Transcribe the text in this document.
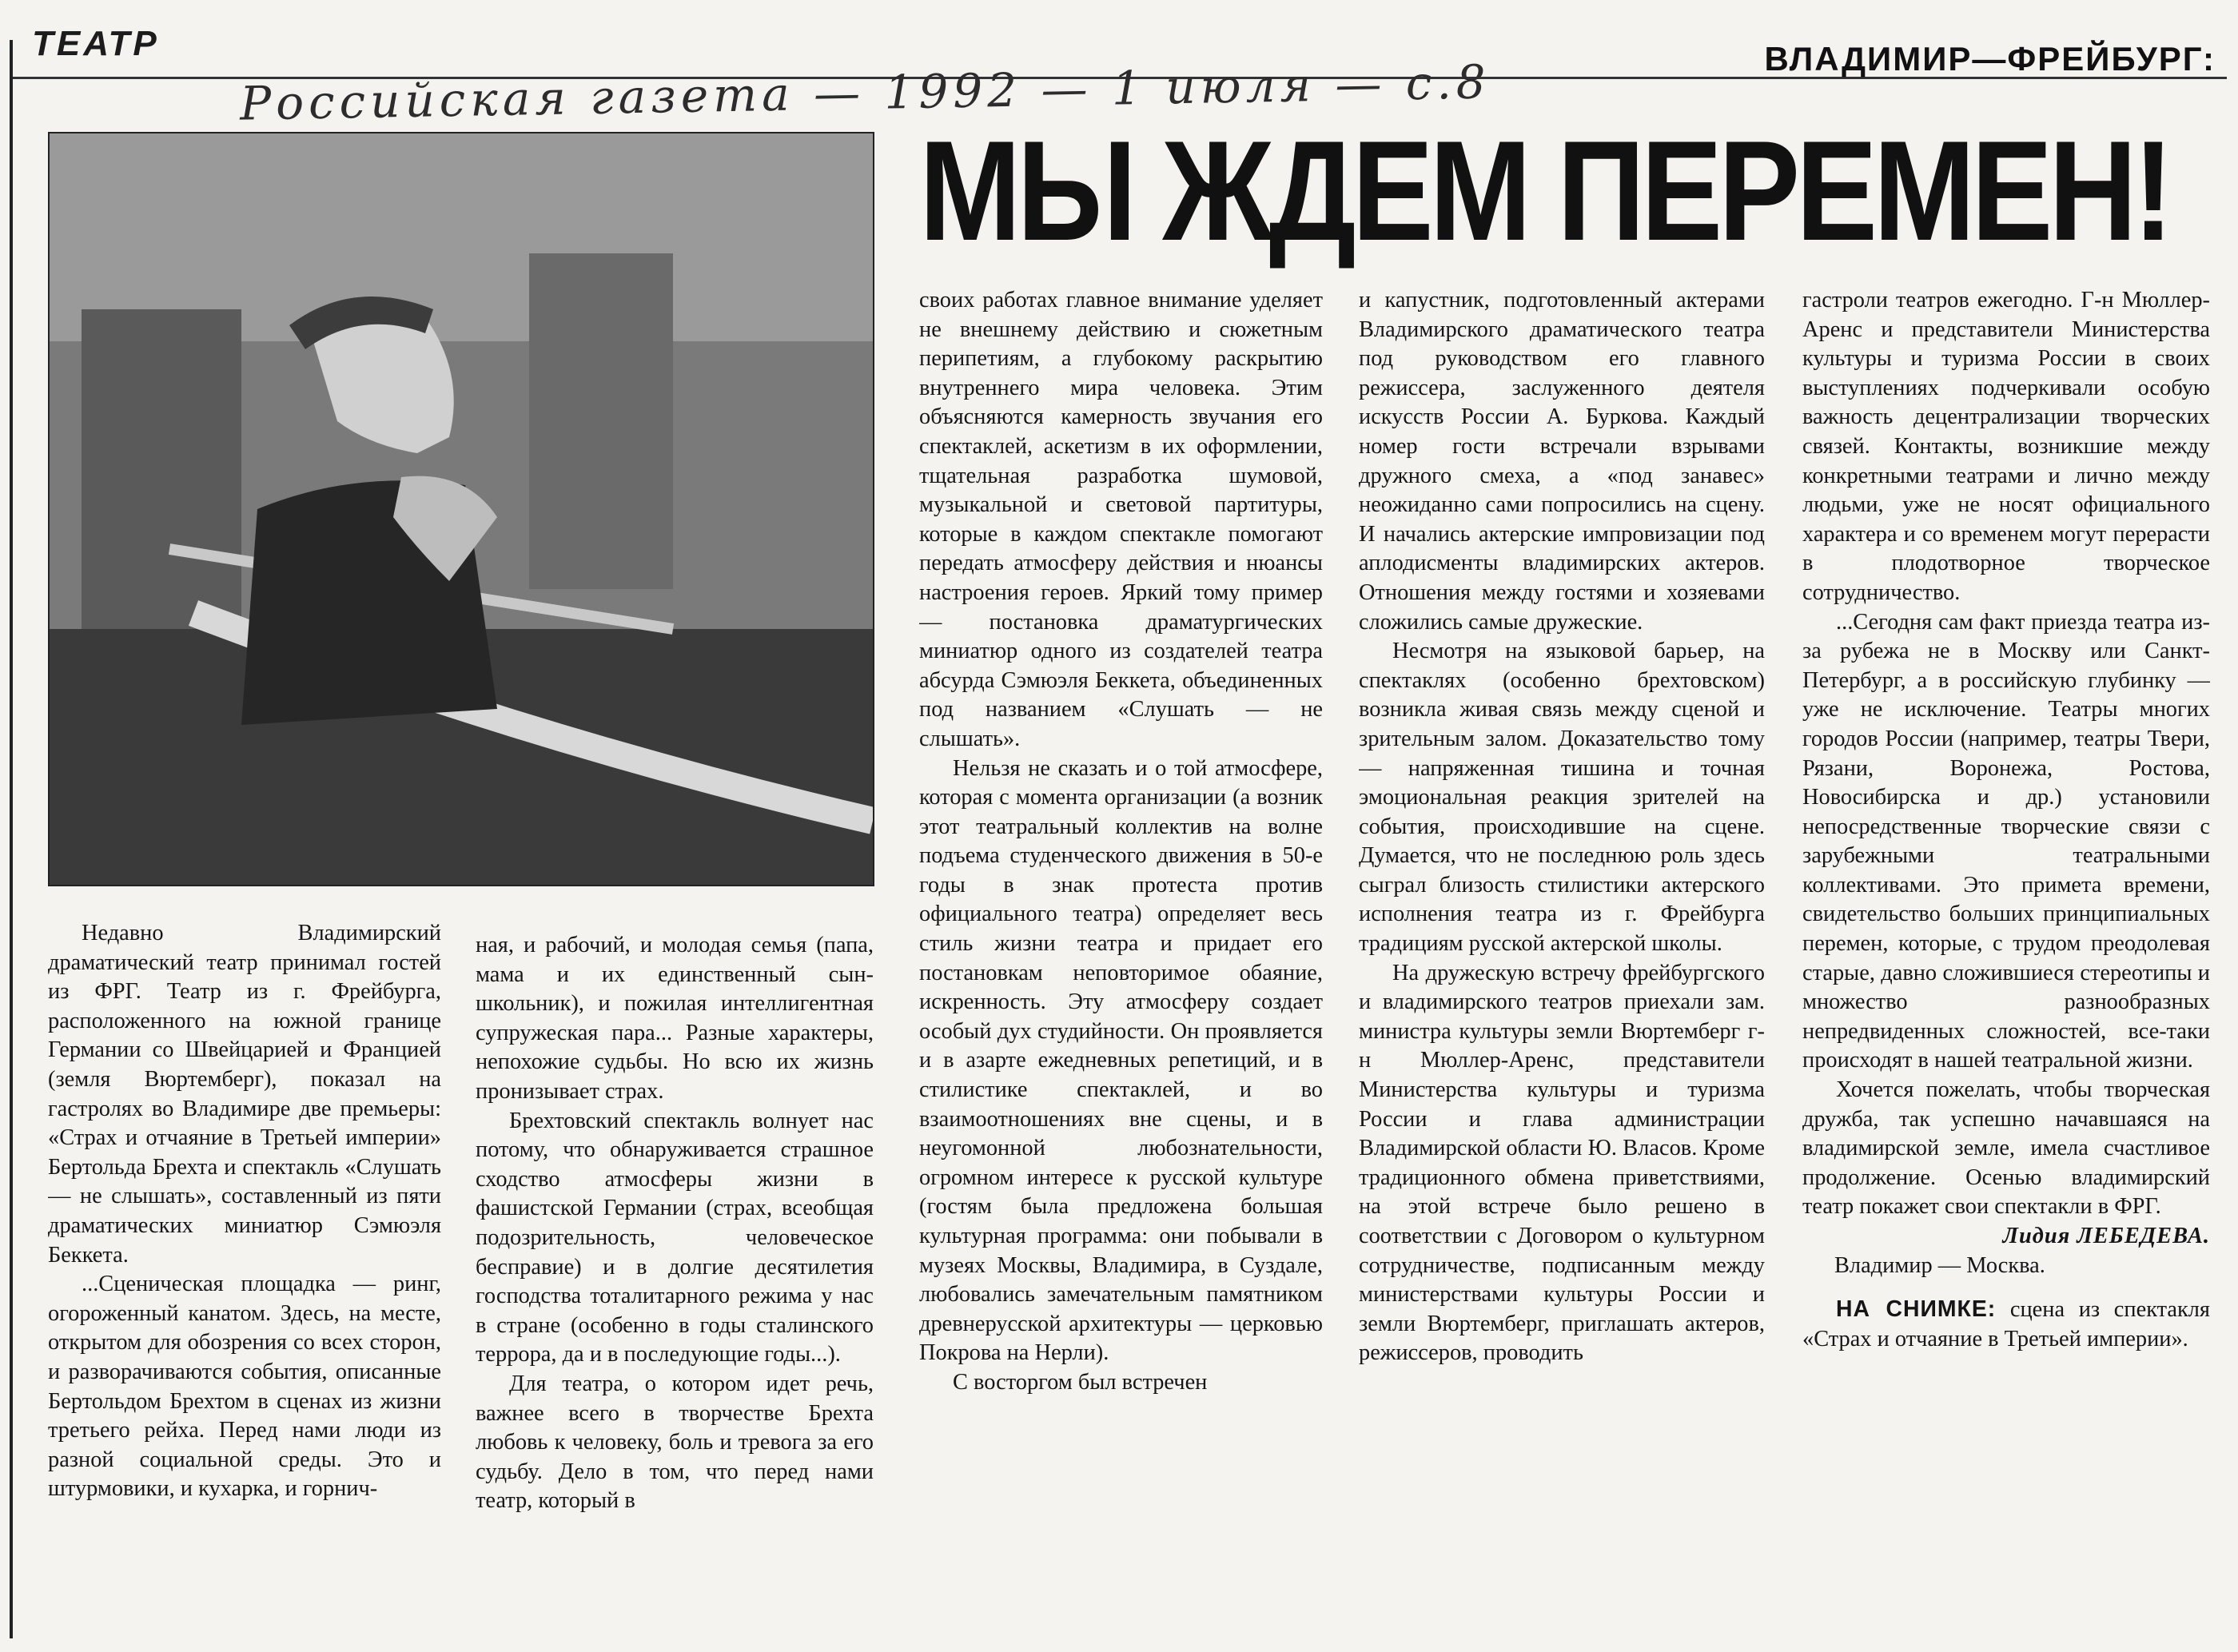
ТЕАТР
Российская газета — 1992 — 1 июля — с.8	ВЛАДИМИР—ФРЕЙБУРГ:
МЫ ЖДЕМ ПЕРЕМЕН!

Недавно Владимирский драматический театр принимал гостей из ФРГ. Театр из г. Фрейбурга, расположенного на южной границе Германии со Швейцарией и Францией (земля Вюртемберг), показал на гастролях во Владимире две премьеры: «Страх и отчаяние в Третьей империи» Бертольда Брехта и спектакль «Слушать — не слышать», составленный из пяти драматических миниатюр Сэмюэля Беккета.

...Сценическая площадка — ринг, огороженный канатом. Здесь, на месте, открытом для обозрения со всех сторон, и разворачиваются события, описанные Бертольдом Брехтом в сценах из жизни третьего рейха. Перед нами люди из разной социальной среды. Это и штурмовики, и кухарка, и горнич-

ная, и рабочий, и молодая семья (папа, мама и их единственный сын-школьник), и пожилая интеллигентная супружеская пара... Разные характеры, непохожие судьбы. Но всю их жизнь пронизывает страх.

Брехтовский спектакль волнует нас потому, что обнаруживается страшное сходство атмосферы жизни в фашистской Германии (страх, всеобщая подозрительность, человеческое бесправие) и в долгие десятилетия господства тоталитарного режима у нас в стране (особенно в годы сталинского террора, да и в последующие годы...).

Для театра, о котором идет речь, важнее всего в творчестве Брехта любовь к человеку, боль и тревога за его судьбу. Дело в том, что перед нами театр, который в

своих работах главное внимание уделяет не внешнему действию и сюжетным перипетиям, а глубокому раскрытию внутреннего мира человека. Этим объясняются камерность звучания его спектаклей, аскетизм в их оформлении, тщательная разработка шумовой, музыкальной и световой партитуры, которые в каждом спектакле помогают передать атмосферу действия и нюансы настроения героев. Яркий тому пример — постановка драматургических миниатюр одного из создателей театра абсурда Сэмюэля Беккета, объединенных под названием «Слушать — не слышать».

Нельзя не сказать и о той атмосфере, которая с момента организации (а возник этот театральный коллектив на волне подъема студенческого движения в 50-е годы в знак протеста против официального театра) определяет весь стиль жизни театра и придает его постановкам неповторимое обаяние, искренность. Эту атмосферу создает особый дух студийности. Он проявляется и в азарте ежедневных репетиций, и в стилистике спектаклей, и во взаимоотношениях вне сцены, и в неугомонной любознательности, огромном интересе к русской культуре (гостям была предложена большая культурная программа: они побывали в музеях Москвы, Владимира, в Суздале, любовались замечательным памятником древнерусской архитектуры — церковью Покрова на Нерли).

С восторгом был встречен

и капустник, подготовленный актерами Владимирского драматического театра под руководством его главного режиссера, заслуженного деятеля искусств России А. Буркова. Каждый номер гости встречали взрывами дружного смеха, а «под занавес» неожиданно сами попросились на сцену. И начались актерские импровизации под аплодисменты владимирских актеров. Отношения между гостями и хозяевами сложились самые дружеские.

Несмотря на языковой барьер, на спектаклях (особенно брехтовском) возникла живая связь между сценой и зрительным залом. Доказательство тому — напряженная тишина и точная эмоциональная реакция зрителей на события, происходившие на сцене. Думается, что не последнюю роль здесь сыграл близость стилистики актерского исполнения театра из г. Фрейбурга традициям русской актерской школы.

На дружескую встречу фрейбургского и владимирского театров приехали зам. министра культуры земли Вюртемберг г-н Мюллер-Аренс, представители Министерства культуры и туризма России и глава администрации Владимирской области Ю. Власов. Кроме традиционного обмена приветствиями, на этой встрече было решено в соответствии с Договором о культурном сотрудничестве, подписанным между министерствами культуры России и земли Вюртемберг, приглашать актеров, режиссеров, проводить

гастроли театров ежегодно. Г-н Мюллер-Аренс и представители Министерства культуры и туризма России в своих выступлениях подчеркивали особую важность децентрализации творческих связей. Контакты, возникшие между конкретными театрами и лично между людьми, уже не носят официального характера и со временем могут перерасти в плодотворное творческое сотрудничество.

...Сегодня сам факт приезда театра из-за рубежа не в Москву или Санкт-Петербург, а в российскую глубинку — уже не исключение. Театры многих городов России (например, театры Твери, Рязани, Воронежа, Ростова, Новосибирска и др.) установили непосредственные творческие связи с зарубежными театральными коллективами. Это примета времени, свидетельство больших принципиальных перемен, которые, с трудом преодолевая старые, давно сложившиеся стереотипы и множество разнообразных непредвиденных сложностей, все-таки происходят в нашей театральной жизни.

Хочется пожелать, чтобы творческая дружба, так успешно начавшаяся на владимирской земле, имела счастливое продолжение. Осенью владимирский театр покажет свои спектакли в ФРГ.

Лидия ЛЕБЕДЕВА.

Владимир — Москва.

НА СНИМКЕ: сцена из спектакля «Страх и отчаяние в Третьей империи».
